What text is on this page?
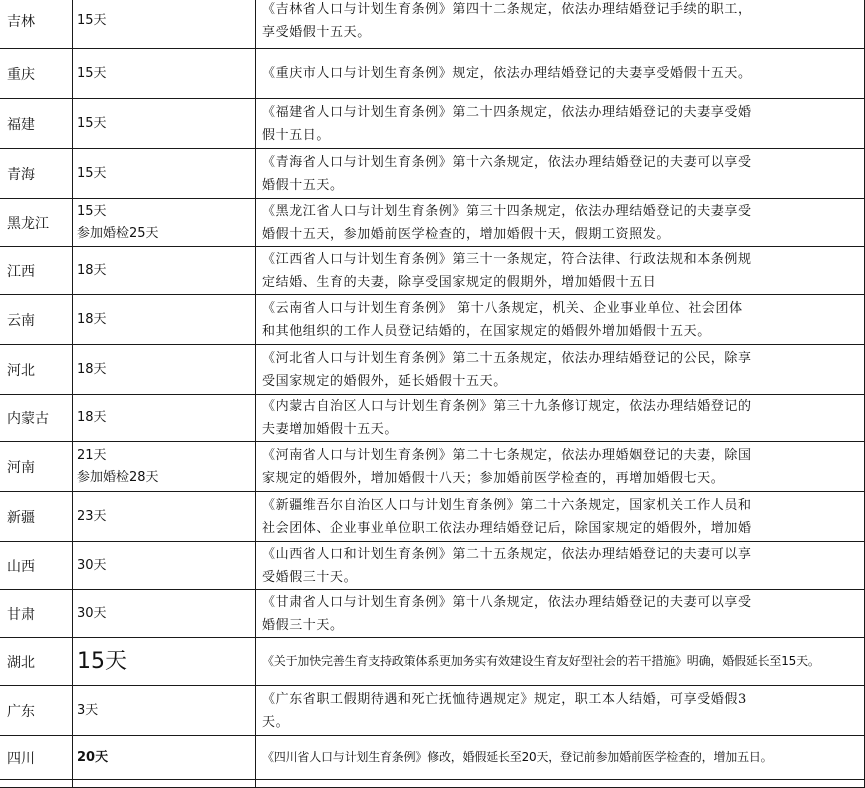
吉林	15天	《吉林省人口与计划生育条例》第四十二条规定，依法办理结婚登记手续的职工，
享受婚假十五天。

重庆	15天	《重庆市人口与计划生育条例》规定，依法办理结婚登记的夫妻享受婚假十五天。

福建	15天	《福建省人口与计划生育条例》第二十四条规定，依法办理结婚登记的夫妻享受婚
假十五日。

青海	15天	《青海省人口与计划生育条例》第十六条规定，依法办理结婚登记的夫妻可以享受
婚假十五天。

黑龙江	15天
参加婚检25天	《黑龙江省人口与计划生育条例》第三十四条规定，依法办理结婚登记的夫妻享受
婚假十五天，参加婚前医学检查的，增加婚假十天，假期工资照发。

江西	18天	《江西省人口与计划生育条例》第三十一条规定，符合法律、行政法规和本条例规
定结婚、生育的夫妻，除享受国家规定的假期外，增加婚假十五日

云南	18天	《云南省人口与计划生育条例》 第十八条规定，机关、企业事业单位、社会团体
和其他组织的工作人员登记结婚的，在国家规定的婚假外增加婚假十五天。

河北	18天	《河北省人口与计划生育条例》第二十五条规定，依法办理结婚登记的公民，除享
受国家规定的婚假外，延长婚假十五天。

内蒙古	18天	《内蒙古自治区人口与计划生育条例》第三十九条修订规定，依法办理结婚登记的
夫妻增加婚假十五天。

河南	21天
参加婚检28天	《河南省人口与计划生育条例》第二十七条规定，依法办理婚姻登记的夫妻，除国
家规定的婚假外，增加婚假十八天；参加婚前医学检查的，再增加婚假七天。

新疆	23天	《新疆维吾尔自治区人口与计划生育条例》第二十六条规定，国家机关工作人员和
社会团体、企业事业单位职工依法办理结婚登记后，除国家规定的婚假外，增加婚

山西	30天	《山西省人口和计划生育条例》第二十五条规定，依法办理结婚登记的夫妻可以享
受婚假三十天。

甘肃	30天	《甘肃省人口与计划生育条例》第十八条规定，依法办理结婚登记的夫妻可以享受
婚假三十天。

湖北	15天	《关于加快完善生育支持政策体系更加务实有效建设生育友好型社会的若干措施》明确，婚假延长至15天。

广东	3天	《广东省职工假期待遇和死亡抚恤待遇规定》规定，职工本人结婚，可享受婚假3
天。

四川	20天	《四川省人口与计划生育条例》修改，婚假延长至20天，登记前参加婚前医学检查的，增加五日。
